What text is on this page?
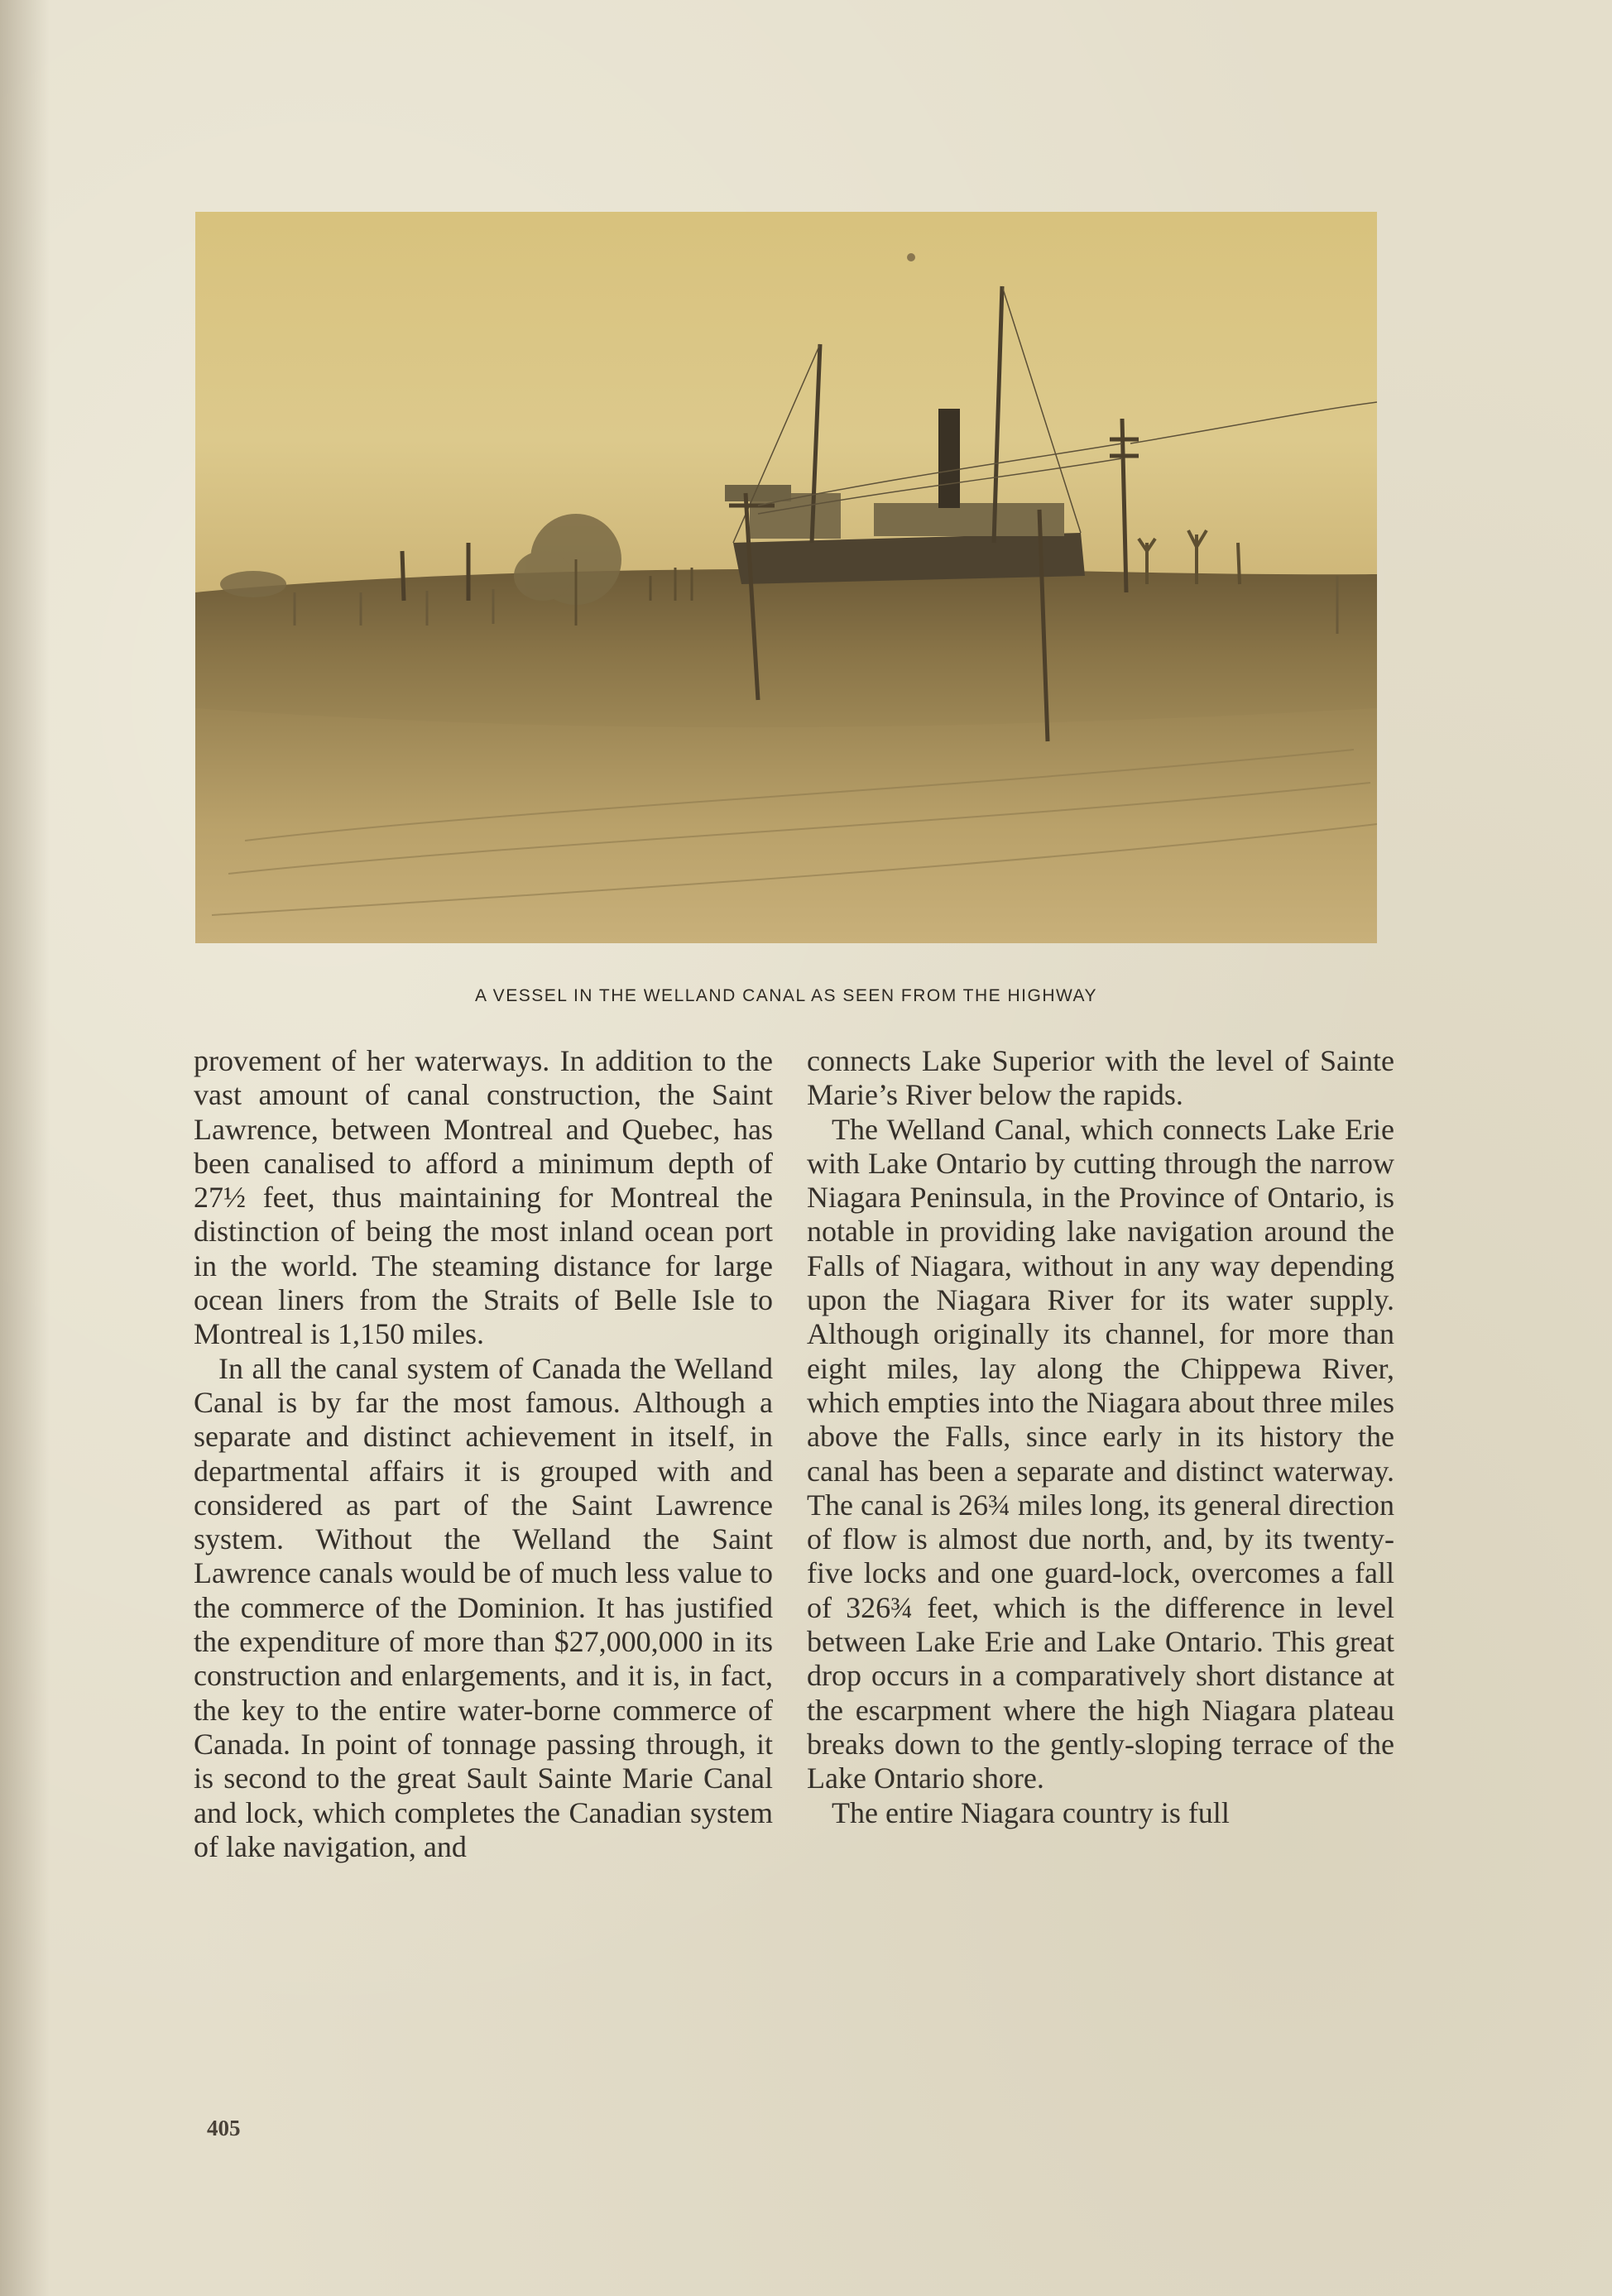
A VESSEL IN THE WELLAND CANAL AS SEEN FROM THE HIGHWAY

provement of her waterways. In addition to the vast amount of canal construction, the Saint Lawrence, between Montreal and Quebec, has been canalised to afford a minimum depth of 27½ feet, thus maintaining for Montreal the distinction of being the most inland ocean port in the world. The steaming distance for large ocean liners from the Straits of Belle Isle to Montreal is 1,150 miles.

In all the canal system of Canada the Welland Canal is by far the most famous. Although a separate and distinct achievement in itself, in departmental affairs it is grouped with and considered as part of the Saint Lawrence system. Without the Welland the Saint Lawrence canals would be of much less value to the commerce of the Dominion. It has justified the expenditure of more than $27,000,000 in its construction and enlargements, and it is, in fact, the key to the entire water-borne commerce of Canada. In point of tonnage passing through, it is second to the great Sault Sainte Marie Canal and lock, which completes the Canadian system of lake navigation, and

connects Lake Superior with the level of Sainte Marie’s River below the rapids.

The Welland Canal, which connects Lake Erie with Lake Ontario by cutting through the narrow Niagara Peninsula, in the Province of Ontario, is notable in providing lake navigation around the Falls of Niagara, without in any way depending upon the Niagara River for its water supply. Although originally its channel, for more than eight miles, lay along the Chippewa River, which empties into the Niagara about three miles above the Falls, since early in its history the canal has been a separate and distinct waterway. The canal is 26¾ miles long, its general direction of flow is almost due north, and, by its twenty-five locks and one guard-lock, overcomes a fall of 326¾ feet, which is the difference in level between Lake Erie and Lake Ontario. This great drop occurs in a comparatively short distance at the escarpment where the high Niagara plateau breaks down to the gently-sloping terrace of the Lake Ontario shore.

The entire Niagara country is full

405
